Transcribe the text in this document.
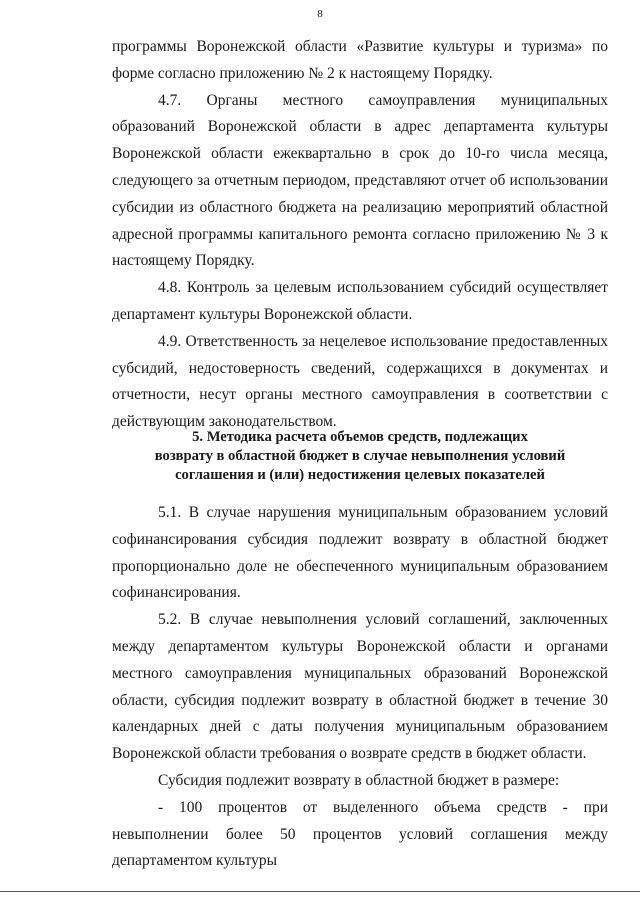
8

программы Воронежской области «Развитие культуры и туризма» по форме согласно приложению № 2 к настоящему Порядку.

4.7. Органы местного самоуправления муниципальных образований Воронежской области в адрес департамента культуры Воронежской области ежеквартально в срок до 10-го числа месяца, следующего за отчетным периодом, представляют отчет об использовании субсидии из областного бюджета на реализацию мероприятий областной адресной программы капитального ремонта согласно приложению № 3 к настоящему Порядку.

4.8. Контроль за целевым использованием субсидий осуществляет департамент культуры Воронежской области.

4.9. Ответственность за нецелевое использование предоставленных субсидий, недостоверность сведений, содержащихся в документах и отчетности, несут органы местного самоуправления в соответствии с действующим законодательством.

5. Методика расчета объемов средств, подлежащих
возврату в областной бюджет в случае невыполнения условий
соглашения и (или) недостижения целевых показателей

5.1. В случае нарушения муниципальным образованием условий софинансирования субсидия подлежит возврату в областной бюджет пропорционально доле не обеспеченного муниципальным образованием софинансирования.

5.2. В случае невыполнения условий соглашений, заключенных между департаментом культуры Воронежской области и органами местного самоуправления муниципальных образований Воронежской области, субсидия подлежит возврату в областной бюджет в течение 30 календарных дней с даты получения муниципальным образованием Воронежской области требования о возврате средств в бюджет области.

Субсидия подлежит возврату в областной бюджет в размере:

- 100 процентов от выделенного объема средств - при невыполнении более 50 процентов условий соглашения между департаментом культуры
